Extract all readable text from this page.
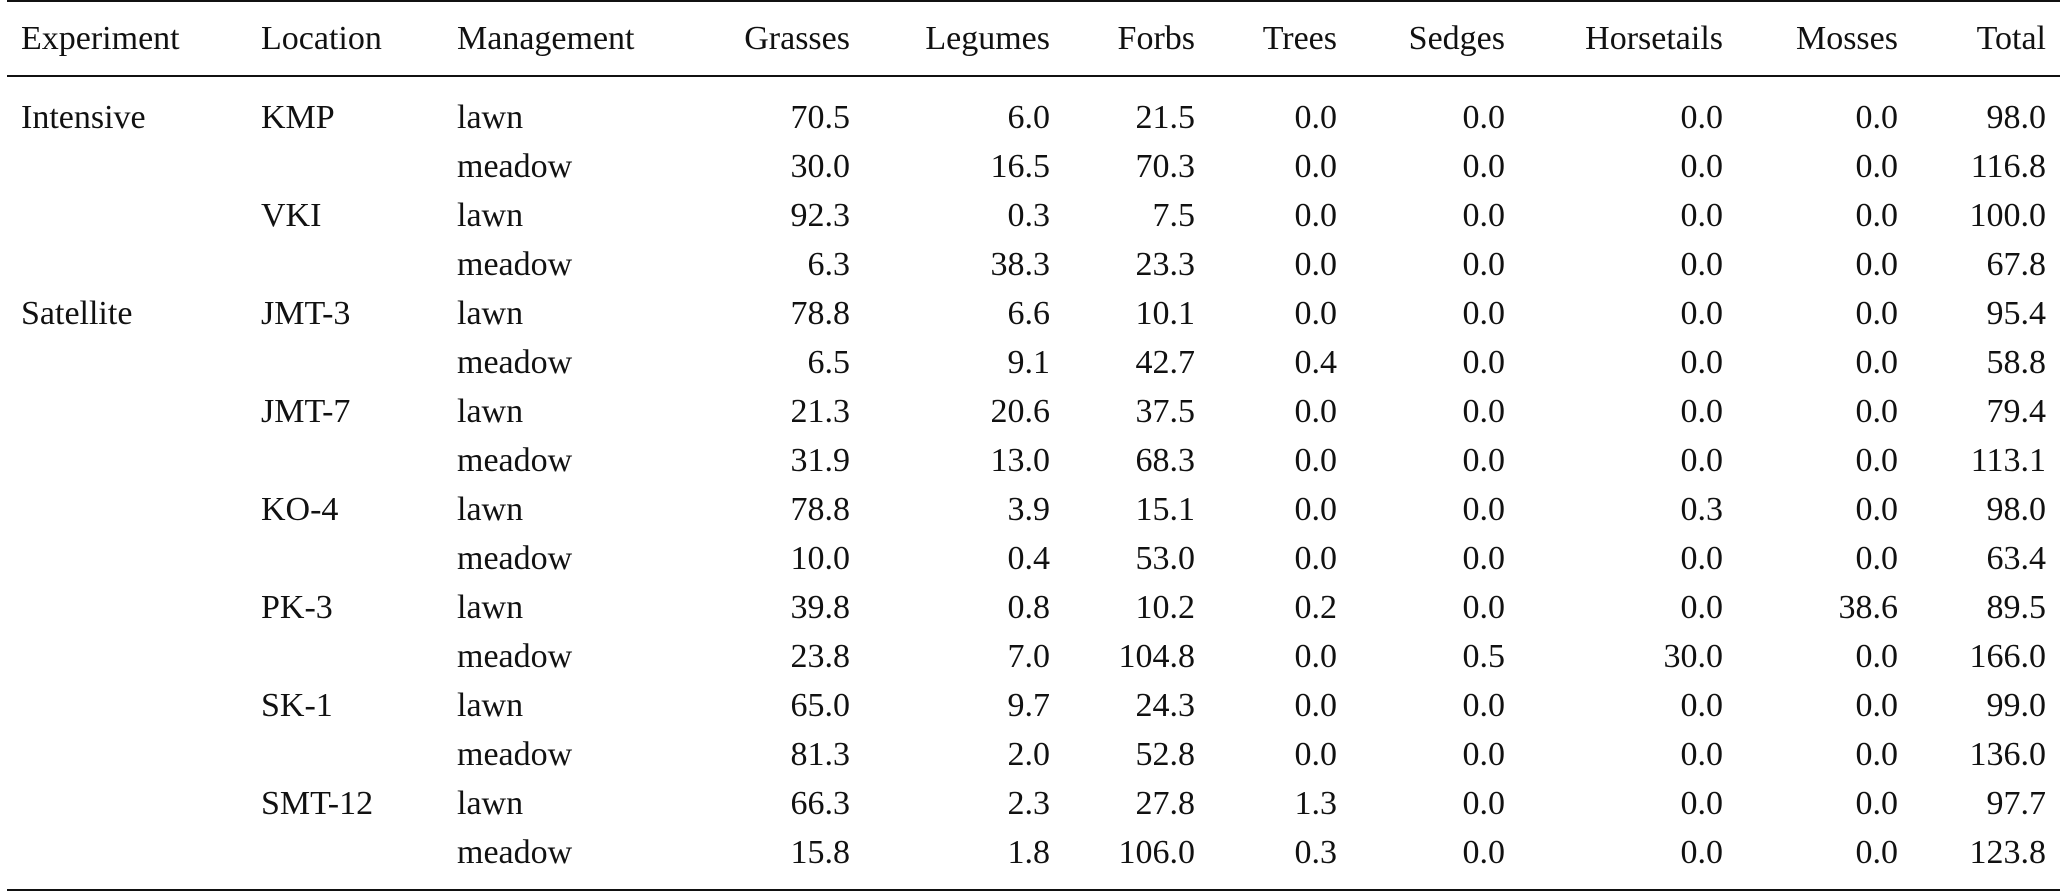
Experiment	Location	Management	Grasses	Legumes	Forbs	Trees	Sedges	Horsetails	Mosses	Total
Intensive	KMP	lawn	70.5	6.0	21.5	0.0	0.0	0.0	0.0	98.0
		meadow	30.0	16.5	70.3	0.0	0.0	0.0	0.0	116.8
	VKI	lawn	92.3	0.3	7.5	0.0	0.0	0.0	0.0	100.0
		meadow	6.3	38.3	23.3	0.0	0.0	0.0	0.0	67.8
Satellite	JMT-3	lawn	78.8	6.6	10.1	0.0	0.0	0.0	0.0	95.4
		meadow	6.5	9.1	42.7	0.4	0.0	0.0	0.0	58.8
	JMT-7	lawn	21.3	20.6	37.5	0.0	0.0	0.0	0.0	79.4
		meadow	31.9	13.0	68.3	0.0	0.0	0.0	0.0	113.1
	KO-4	lawn	78.8	3.9	15.1	0.0	0.0	0.3	0.0	98.0
		meadow	10.0	0.4	53.0	0.0	0.0	0.0	0.0	63.4
	PK-3	lawn	39.8	0.8	10.2	0.2	0.0	0.0	38.6	89.5
		meadow	23.8	7.0	104.8	0.0	0.5	30.0	0.0	166.0
	SK-1	lawn	65.0	9.7	24.3	0.0	0.0	0.0	0.0	99.0
		meadow	81.3	2.0	52.8	0.0	0.0	0.0	0.0	136.0
	SMT-12	lawn	66.3	2.3	27.8	1.3	0.0	0.0	0.0	97.7
		meadow	15.8	1.8	106.0	0.3	0.0	0.0	0.0	123.8
